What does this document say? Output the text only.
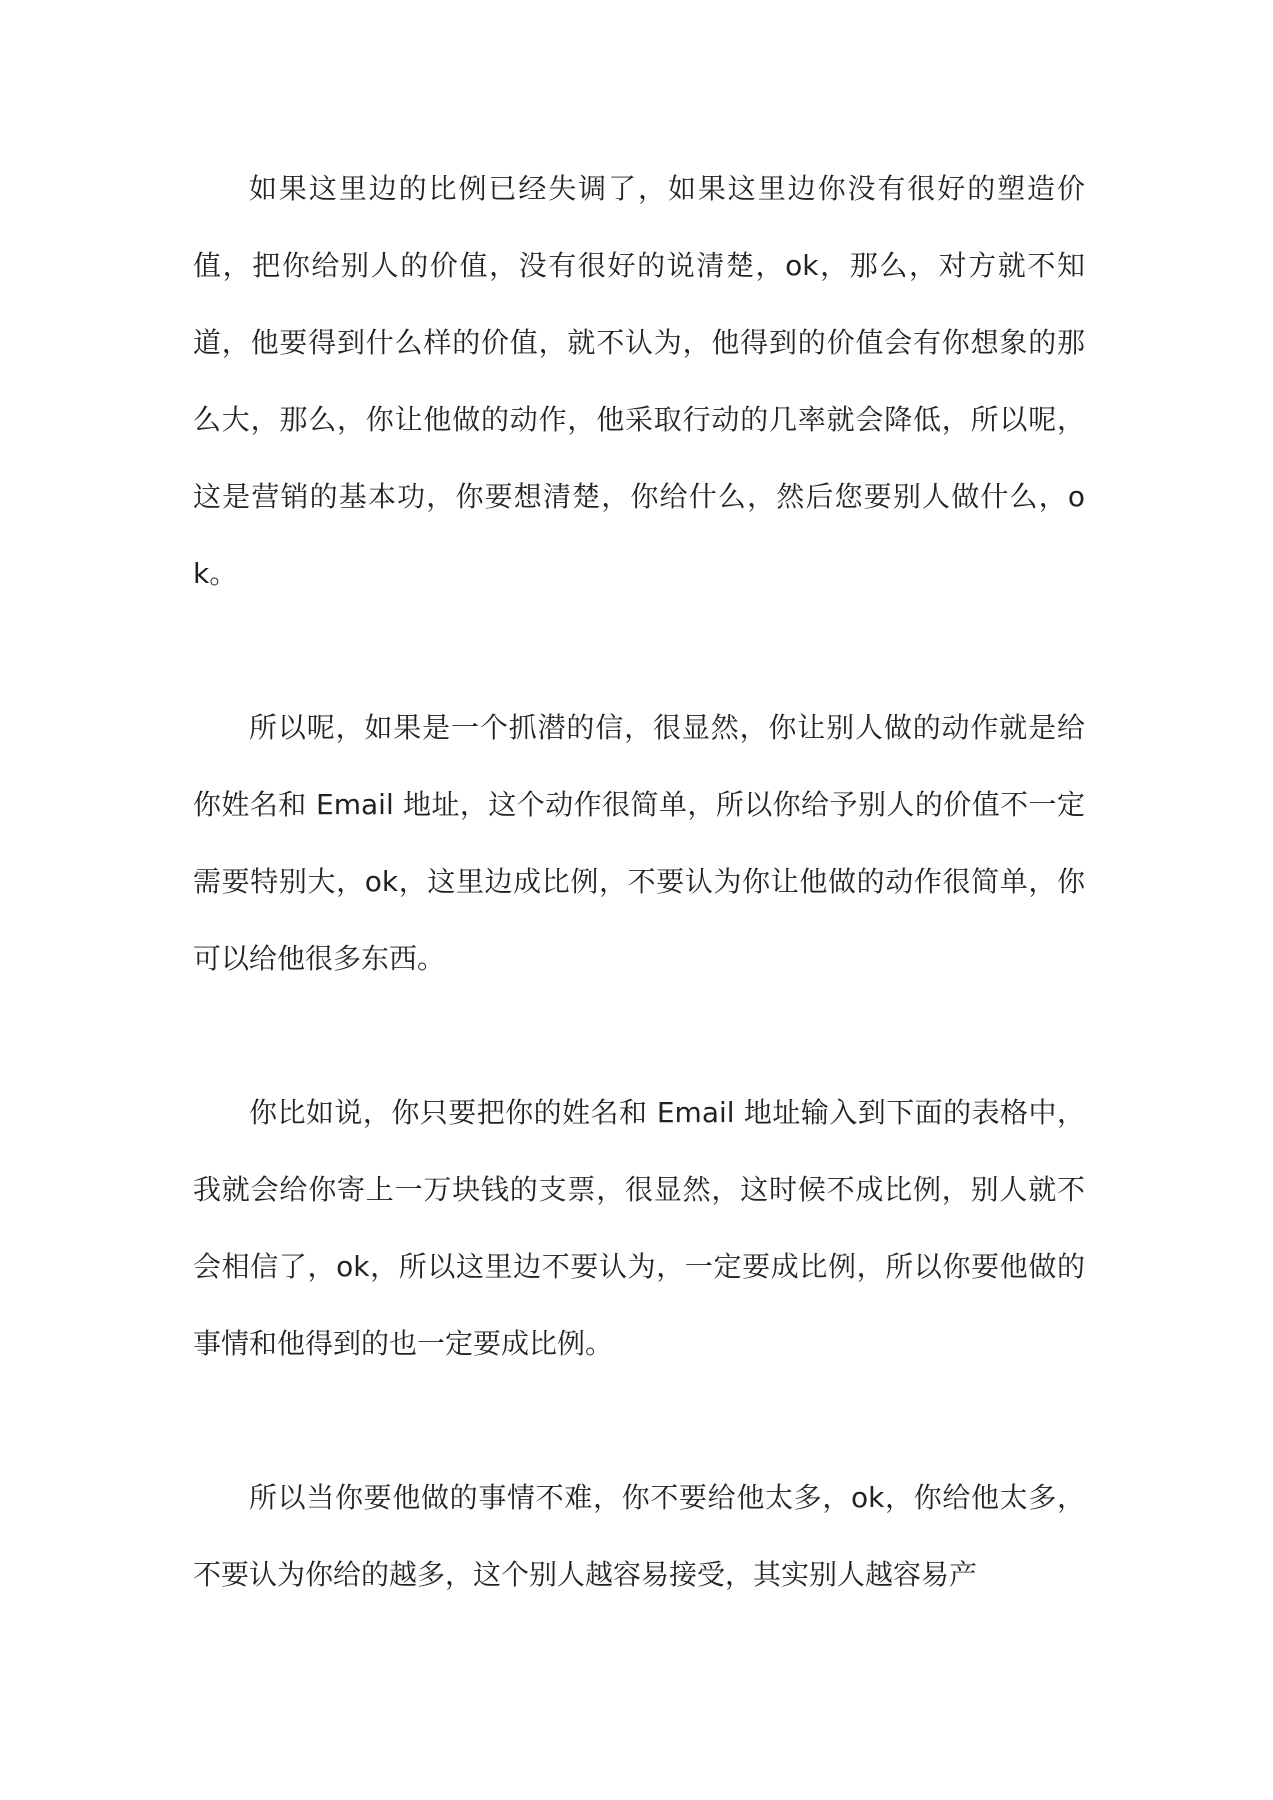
如果这里边的比例已经失调了，如果这里边你没有很好的塑造价值，把你给别人的价值，没有很好的说清楚，ok，那么，对方就不知道，他要得到什么样的价值，就不认为，他得到的价值会有你想象的那么大，那么，你让他做的动作，他采取行动的几率就会降低，所以呢，这是营销的基本功，你要想清楚，你给什么，然后您要别人做什么，ok。

所以呢，如果是一个抓潜的信，很显然，你让别人做的动作就是给你姓名和 Email 地址，这个动作很简单，所以你给予别人的价值不一定需要特别大，ok，这里边成比例，不要认为你让他做的动作很简单，你可以给他很多东西。

你比如说，你只要把你的姓名和 Email 地址输入到下面的表格中，我就会给你寄上一万块钱的支票，很显然，这时候不成比例，别人就不会相信了，ok，所以这里边不要认为，一定要成比例，所以你要他做的事情和他得到的也一定要成比例。

所以当你要他做的事情不难，你不要给他太多，ok，你给他太多，不要认为你给的越多，这个别人越容易接受，其实别人越容易产
